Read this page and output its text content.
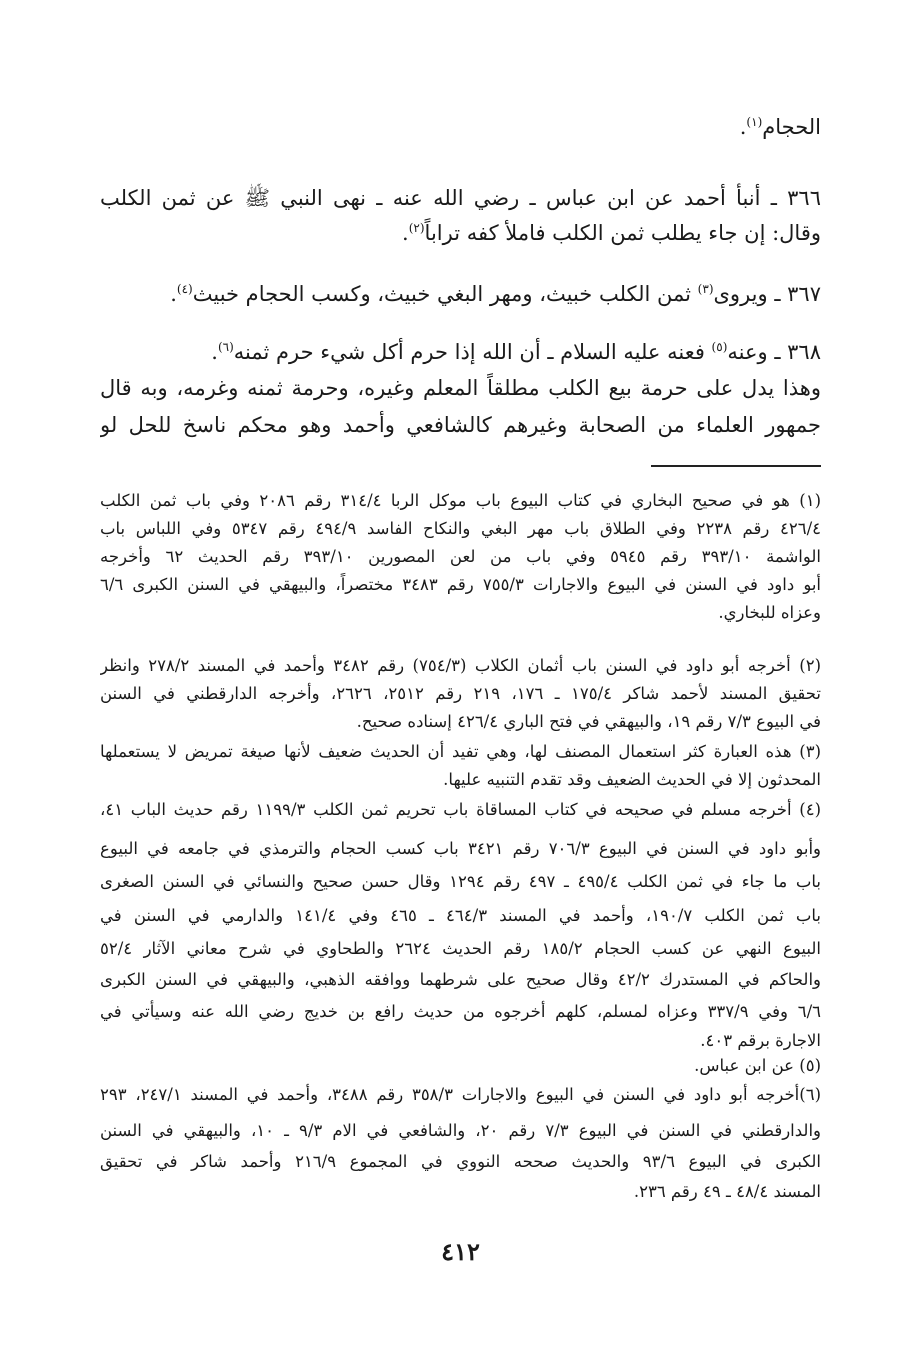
الحجام$^{(١)}$.
٣٦٦ ـ أنبأ أحمد عن ابن عباس ـ رضي الله عنه ـ نهى النبي ﷺ عن ثمن الكلب
وقال: إن جاء يطلب ثمن الكلب فاملأ كفه تراباً$^{(٢)}$.
٣٦٧ ـ ويروى$^{(٣)}$ ثمن الكلب خبيث، ومهر البغي خبيث، وكسب الحجام خبيث$^{(٤)}$.
٣٦٨ ـ وعنه$^{(٥)}$ فعنه عليه السلام ـ أن الله إذا حرم أكل شيء حرم ثمنه$^{(٦)}$.
وهذا يدل على حرمة بيع الكلب مطلقاً المعلم وغيره، وحرمة ثمنه وغرمه، وبه قال
جمهور العلماء من الصحابة وغيرهم كالشافعي وأحمد وهو محكم ناسخ للحل لو
(١) هو في صحيح البخاري في كتاب البيوع باب موكل الربا ٣١٤/٤ رقم ٢٠٨٦ وفي باب ثمن الكلب
٤٢٦/٤ رقم ٢٢٣٨ وفي الطلاق باب مهر البغي والنكاح الفاسد ٤٩٤/٩ رقم ٥٣٤٧ وفي اللباس باب
الواشمة ٣٩٣/١٠ رقم ٥٩٤٥ وفي باب من لعن المصورين ٣٩٣/١٠ رقم الحديث ٦٢ وأخرجه
أبو داود في السنن في البيوع والاجارات ٧٥٥/٣ رقم ٣٤٨٣ مختصراً، والبيهقي في السنن الكبرى ٦/٦
وعزاه للبخاري.
(٢) أخرجه أبو داود في السنن باب أثمان الكلاب (٧٥٤/٣) رقم ٣٤٨٢ وأحمد في المسند ٢٧٨/٢ وانظر
تحقيق المسند لأحمد شاكر ١٧٥/٤ ـ ١٧٦، ٢١٩ رقم ٢٥١٢، ٢٦٢٦، وأخرجه الدارقطني في السنن
في البيوع ٧/٣ رقم ١٩، والبيهقي في فتح الباري ٤٢٦/٤ إسناده صحيح.
(٣) هذه العبارة كثر استعمال المصنف لها، وهي تفيد أن الحديث ضعيف لأنها صيغة تمريض لا يستعملها
المحدثون إلا في الحديث الضعيف وقد تقدم التنبيه عليها.
(٤) أخرجه مسلم في صحيحه في كتاب المساقاة باب تحريم ثمن الكلب ١١٩٩/٣ رقم حديث الباب ٤١،
وأبو داود في السنن في البيوع ٧٠٦/٣ رقم ٣٤٢١ باب كسب الحجام والترمذي في جامعه في البيوع
باب ما جاء في ثمن الكلب ٤٩٥/٤ ـ ٤٩٧ رقم ١٢٩٤ وقال حسن صحيح والنسائي في السنن الصغرى
باب ثمن الكلب ١٩٠/٧، وأحمد في المسند ٤٦٤/٣ ـ ٤٦٥ وفي ١٤١/٤ والدارمي في السنن في
البيوع النهي عن كسب الحجام ١٨٥/٢ رقم الحديث ٢٦٢٤ والطحاوي في شرح معاني الآثار ٥٢/٤
والحاكم في المستدرك ٤٢/٢ وقال صحيح على شرطهما ووافقه الذهبي، والبيهقي في السنن الكبرى
٦/٦ وفي ٣٣٧/٩ وعزاه لمسلم، كلهم أخرجوه من حديث رافع بن خديج رضي الله عنه وسيأتي في
الاجارة برقم ٤٠٣.
(٥) عن ابن عباس.
(٦)أخرجه أبو داود في السنن في البيوع والاجارات ٣٥٨/٣ رقم ٣٤٨٨، وأحمد في المسند ٢٤٧/١، ٢٩٣
والدارقطني في السنن في البيوع ٧/٣ رقم ٢٠، والشافعي في الام ٩/٣ ـ ١٠، والبيهقي في السنن
الكبرى في البيوع ٩٣/٦ والحديث صححه النووي في المجموع ٢١٦/٩ وأحمد شاكر في تحقيق
المسند ٤٨/٤ ـ ٤٩ رقم ٢٣٦.
٤١٢
